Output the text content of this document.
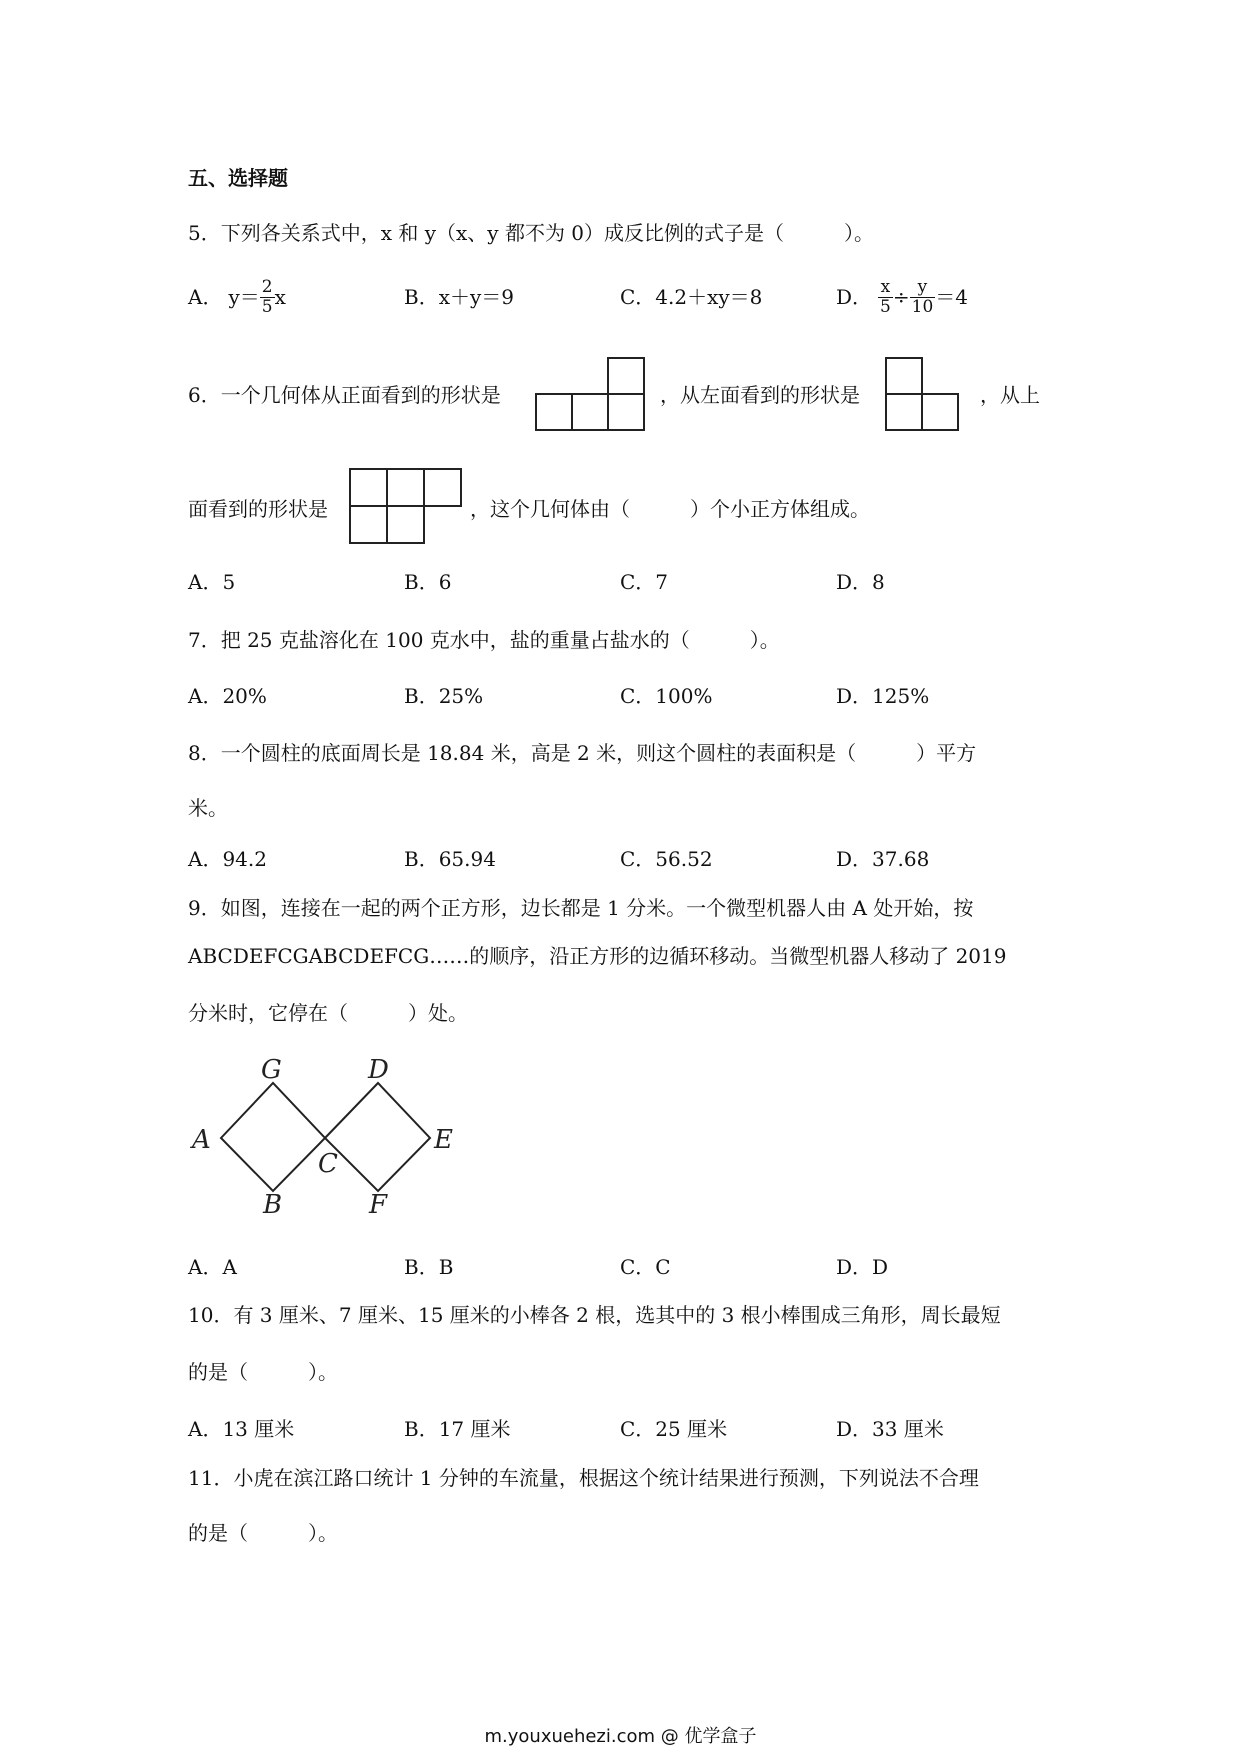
五、选择题
5．下列各关系式中，x 和 y（x、y 都不为 0）成反比例的式子是（　　　）。
A． $y= \frac{2}{5}$ x	B．x＋y＝9	C．4.2＋xy＝8	D． $\frac{x}{5} \div \frac{y}{10} =4$
6．一个几何体从正面看到的形状是	，从左面看到的形状是	，从上
面看到的形状是	，这个几何体由（　　　）个小正方体组成。
A．5	B．6	C．7	D．8
7．把 25 克盐溶化在 100 克水中，盐的重量占盐水的（　　　）。
A．20%	B．25%	C．100%	D．125%
8．一个圆柱的底面周长是 18.84 米，高是 2 米，则这个圆柱的表面积是（　　　）平方
米。
A．94.2	B．65.94	C．56.52	D．37.68
9．如图，连接在一起的两个正方形，边长都是 1 分米。一个微型机器人由 A 处开始，按
ABCDEFCGABCDEFCG……的顺序，沿正方形的边循环移动。当微型机器人移动了 2019
分米时，它停在（　　　）处。
A
B
C
D
E
F
G
A．A	B．B	C．C	D．D
10．有 3 厘米、7 厘米、15 厘米的小棒各 2 根，选其中的 3 根小棒围成三角形，周长最短
的是（　　　）。
A．13 厘米	B．17 厘米	C．25 厘米	D．33 厘米
11．小虎在滨江路口统计 1 分钟的车流量，根据这个统计结果进行预测，下列说法不合理
的是（　　　）。
m.youxuehezi.com @ 优学盒子
